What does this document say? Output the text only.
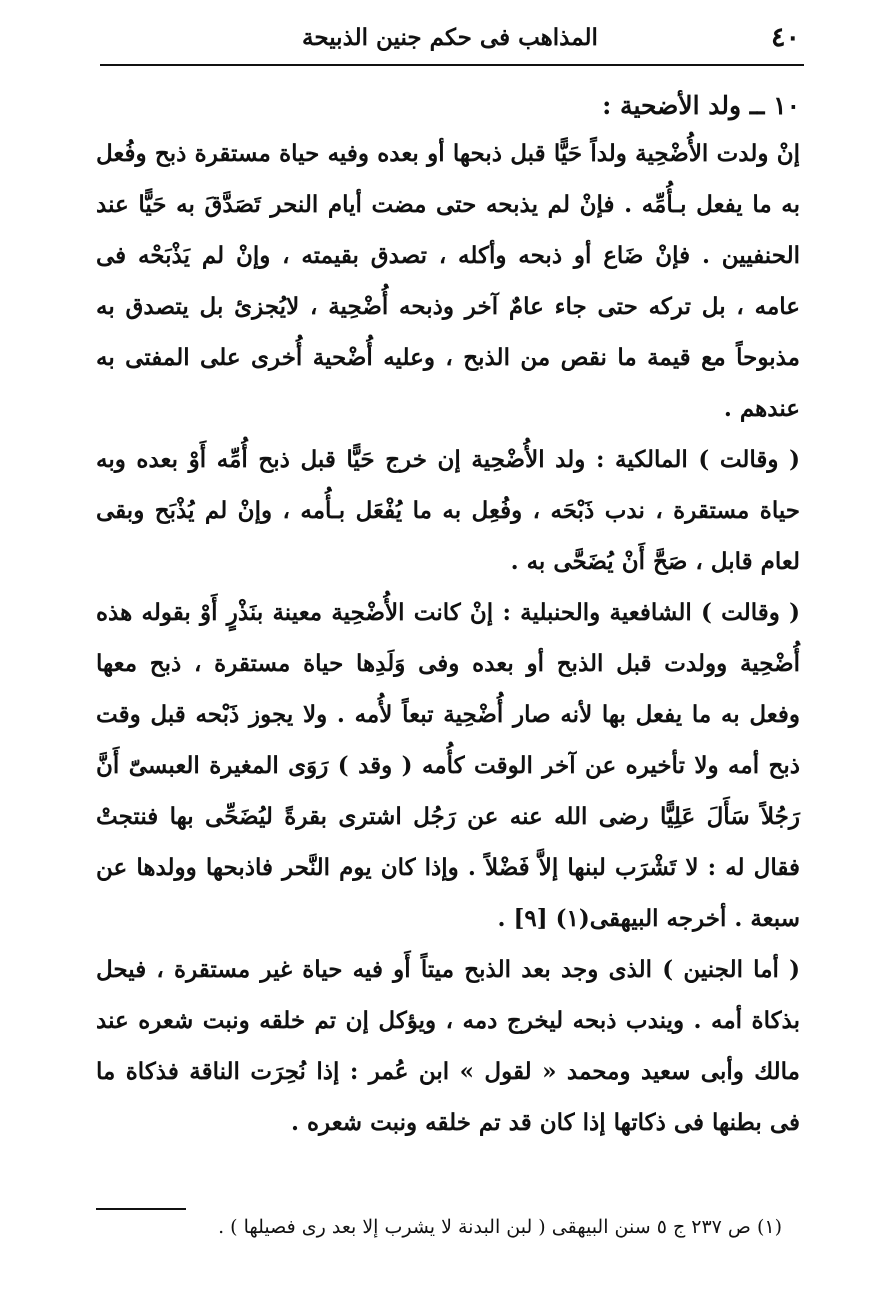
٤٠
المذاهب فى حكم جنين الذبيحة

١٠ ــ ولد الأضحية :

إنْ ولدت الأُضْحِية ولداً حَيًّا قبل ذبحها أو بعده وفيه حياة مستقرة ذبح وفُعل به ما يفعل بـأُمِّه . فإنْ لم يذبحه حتى مضت أيام النحر تَصَدَّقَ به حَيًّا عند الحنفيين . فإنْ ضَاع أو ذبحه وأكله ، تصدق بقيمته ، وإنْ لم يَذْبَحْه فى عامه ، بل تركه حتى جاء عامٌ آخر وذبحه أُضْحِية ، لايُجزئ بل يتصدق به مذبوحاً مع قيمة ما نقص من الذبح ، وعليه أُضْحية أُخرى على المفتى به عندهم .

( وقالت ) المالكية : ولد الأُضْحِية إن خرج حَيًّا قبل ذبح أُمِّه أَوْ بعده وبه حياة مستقرة ، ندب ذَبْحَه ، وفُعِل به ما يُفْعَل بـأُمه ، وإنْ لم يُذْبَح وبقى لعام قابل ، صَحَّ أَنْ يُضَحَّى به .

( وقالت ) الشافعية والحنبلية : إنْ كانت الأُضْحِية معينة بنَذْرٍ أَوْ بقوله هذه أُضْحِية وولدت قبل الذبح أو بعده وفى وَلَدِها حياة مستقرة ، ذبح معها وفعل به ما يفعل بها لأنه صار أُضْحِية تبعاً لأُمه . ولا يجوز ذَبْحه قبل وقت ذبح أمه ولا تأخيره عن آخر الوقت كأُمه ( وقد ) رَوَى المغيرة العبسىّ أَنَّ رَجُلاً سَأَلَ عَلِيًّا رضى الله عنه عن رَجُل اشترى بقرةً ليُضَحِّى بها فنتجتْ فقال له : لا تَشْرَب لبنها إلاَّ فَضْلاً . وإذا كان يوم النَّحر فاذبحها وولدها عن سبعة . أخرجه البيهقى(١) [٩] .

( أما الجنين ) الذى وجد بعد الذبح ميتاً أَو فيه حياة غير مستقرة ، فيحل بذكاة أمه . ويندب ذبحه ليخرج دمه ، ويؤكل إن تم خلقه ونبت شعره عند مالك وأبى سعيد ومحمد « لقول » ابن عُمر : إذا نُحِرَت الناقة فذكاة ما فى بطنها فى ذكاتها إذا كان قد تم خلقه ونبت شعره .

(١) ص ٢٣٧ ج ٥ سنن البيهقى ( لبن البدنة لا يشرب إلا بعد رى فصيلها ) .
